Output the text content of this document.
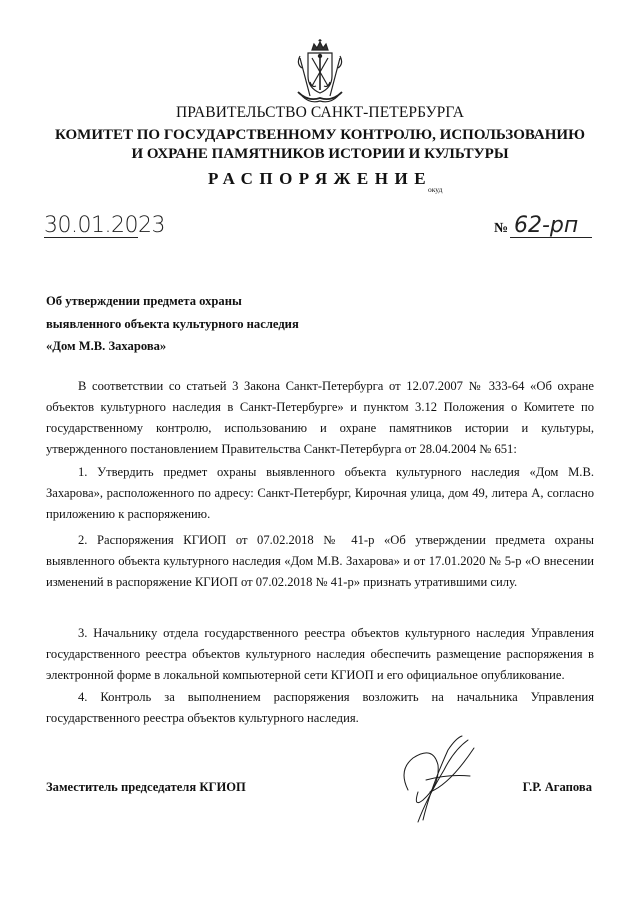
ПРАВИТЕЛЬСТВО САНКТ-ПЕТЕРБУРГА
КОМИТЕТ ПО ГОСУДАРСТВЕННОМУ КОНТРОЛЮ, ИСПОЛЬЗОВАНИЮ
И ОХРАНЕ ПАМЯТНИКОВ ИСТОРИИ И КУЛЬТУРЫ
РАСПОРЯЖЕНИЕ
окуд
30.01.2023	№ 62-рп
Об утверждении предмета охраны
выявленного объекта культурного наследия
«Дом М.В. Захарова»

В соответствии со статьей 3 Закона Санкт-Петербурга от 12.07.2007 № 333-64 «Об охране объектов культурного наследия в Санкт-Петербурге» и пунктом 3.12 Положения о Комитете по государственному контролю, использованию и охране памятников истории и культуры, утвержденного постановлением Правительства Санкт-Петербурга от 28.04.2004 № 651:

1. Утвердить предмет охраны выявленного объекта культурного наследия «Дом М.В. Захарова», расположенного по адресу: Санкт-Петербург, Кирочная улица, дом 49, литера А, согласно приложению к распоряжению.

2. Распоряжения КГИОП от 07.02.2018 № 41-р «Об утверждении предмета охраны выявленного объекта культурного наследия «Дом М.В. Захарова» и от 17.01.2020 № 5-р «О внесении изменений в распоряжение КГИОП от 07.02.2018 № 41-р» признать утратившими силу.

3. Начальнику отдела государственного реестра объектов культурного наследия Управления государственного реестра объектов культурного наследия обеспечить размещение распоряжения в электронной форме в локальной компьютерной сети КГИОП и его официальное опубликование.

4. Контроль за выполнением распоряжения возложить на начальника Управления государственного реестра объектов культурного наследия.

Заместитель председателя КГИОП	Г.Р. Агапова
